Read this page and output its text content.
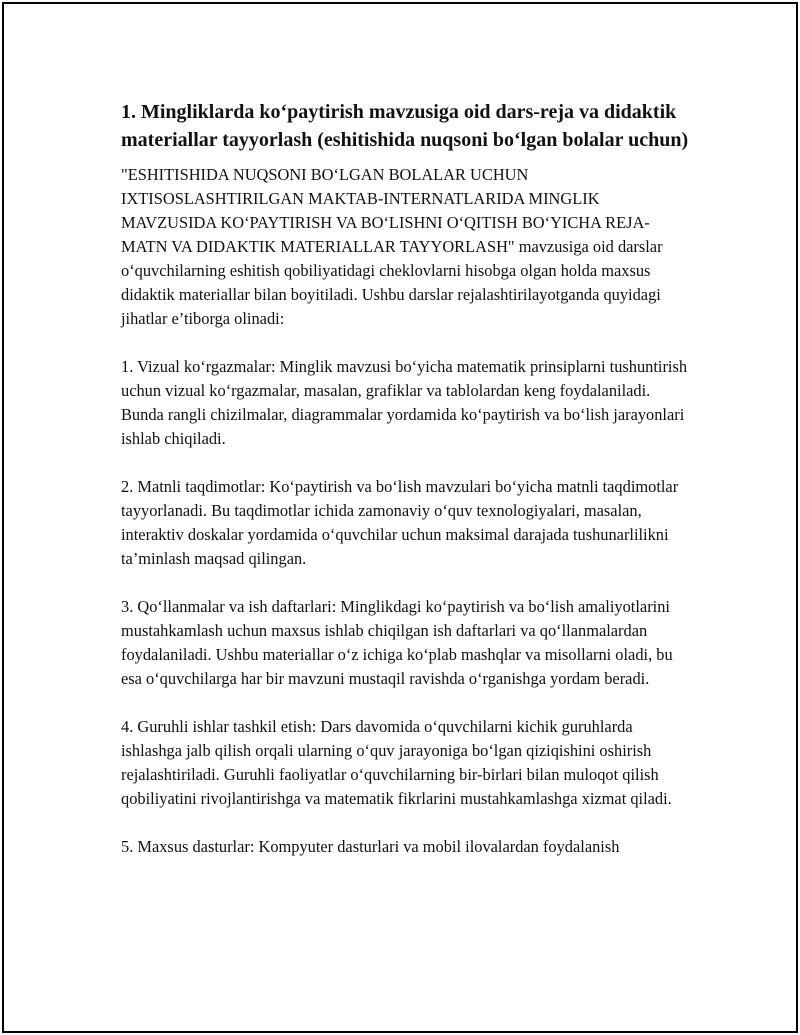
1. Mingliklarda ko‘paytirish mavzusiga oid dars-reja va didaktik materiallar tayyorlash (eshitishida nuqsoni bo‘lgan bolalar uchun)
"ESHITISHIDA NUQSONI BO‘LGAN BOLALAR UCHUN IXTISOSLASHTIRILGAN MAKTAB-INTERNATLARIDA MINGLIK MAVZUSIDA KO‘PAYTIRISH VA BO‘LISHNI O‘QITISH BO‘YICHA REJA-MATN VA DIDAKTIK MATERIALLAR TAYYORLASH" mavzusiga oid darslar o‘quvchilarning eshitish qobiliyatidagi cheklovlarni hisobga olgan holda maxsus didaktik materiallar bilan boyitiladi. Ushbu darslar rejalashtirilayotganda quyidagi jihatlar e’tiborga olinadi:
1. Vizual ko‘rgazmalar: Minglik mavzusi bo‘yicha matematik prinsiplarni tushuntirish uchun vizual ko‘rgazmalar, masalan, grafiklar va tablolardan keng foydalaniladi. Bunda rangli chizilmalar, diagrammalar yordamida ko‘paytirish va bo‘lish jarayonlari ishlab chiqiladi.
2. Matnli taqdimotlar: Ko‘paytirish va bo‘lish mavzulari bo‘yicha matnli taqdimotlar tayyorlanadi. Bu taqdimotlar ichida zamonaviy o‘quv texnologiyalari, masalan, interaktiv doskalar yordamida o‘quvchilar uchun maksimal darajada tushunarlilikni ta’minlash maqsad qilingan.
3. Qo‘llanmalar va ish daftarlari: Minglikdagi ko‘paytirish va bo‘lish amaliyotlarini mustahkamlash uchun maxsus ishlab chiqilgan ish daftarlari va qo‘llanmalardan foydalaniladi. Ushbu materiallar o‘z ichiga ko‘plab mashqlar va misollarni oladi, bu esa o‘quvchilarga har bir mavzuni mustaqil ravishda o‘rganishga yordam beradi.
4. Guruhli ishlar tashkil etish: Dars davomida o‘quvchilarni kichik guruhlarda ishlashga jalb qilish orqali ularning o‘quv jarayoniga bo‘lgan qiziqishini oshirish rejalashtiriladi. Guruhli faoliyatlar o‘quvchilarning bir-birlari bilan muloqot qilish qobiliyatini rivojlantirishga va matematik fikrlarini mustahkamlashga xizmat qiladi.
5. Maxsus dasturlar: Kompyuter dasturlari va mobil ilovalardan foydalanish
